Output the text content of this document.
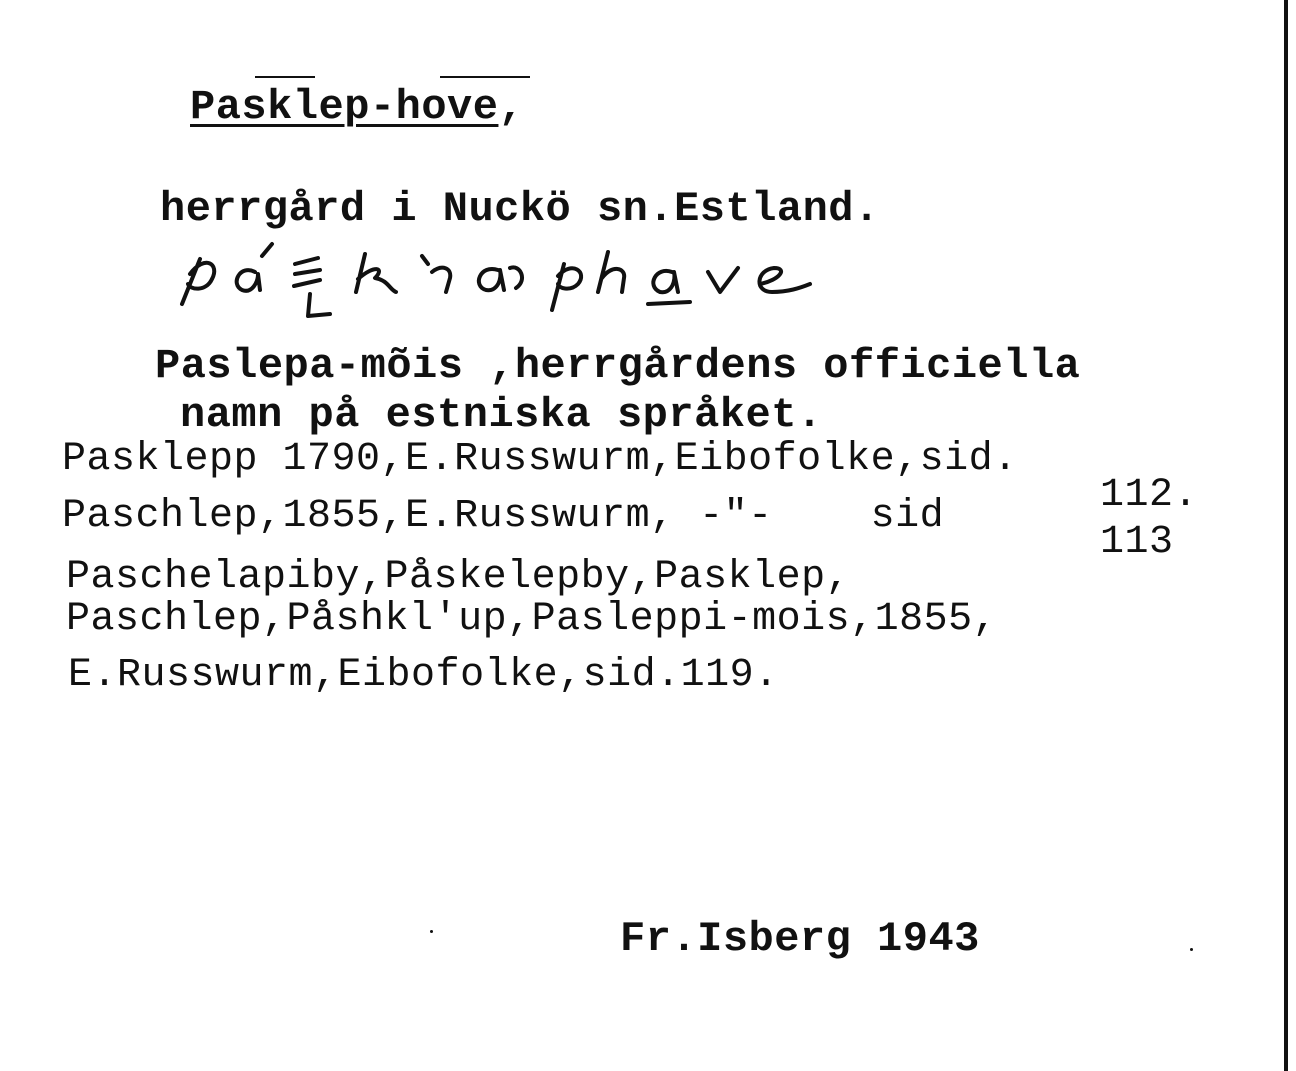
Pasklep-hove,
herrgård i Nuckö sn.Estland.
Paslepa-mõis ,herrgårdens officiella
namn på estniska språket.
Pasklepp 1790,E.Russwurm,Eibofolke,sid.
112.
Paschlep,1855,E.Russwurm, -"-    sid
113
Paschelapiby,Påskelepby,Pasklep,
Paschlep,Påshkl'up,Pasleppi-mois,1855,
E.Russwurm,Eibofolke,sid.119.
Fr.Isberg 1943
